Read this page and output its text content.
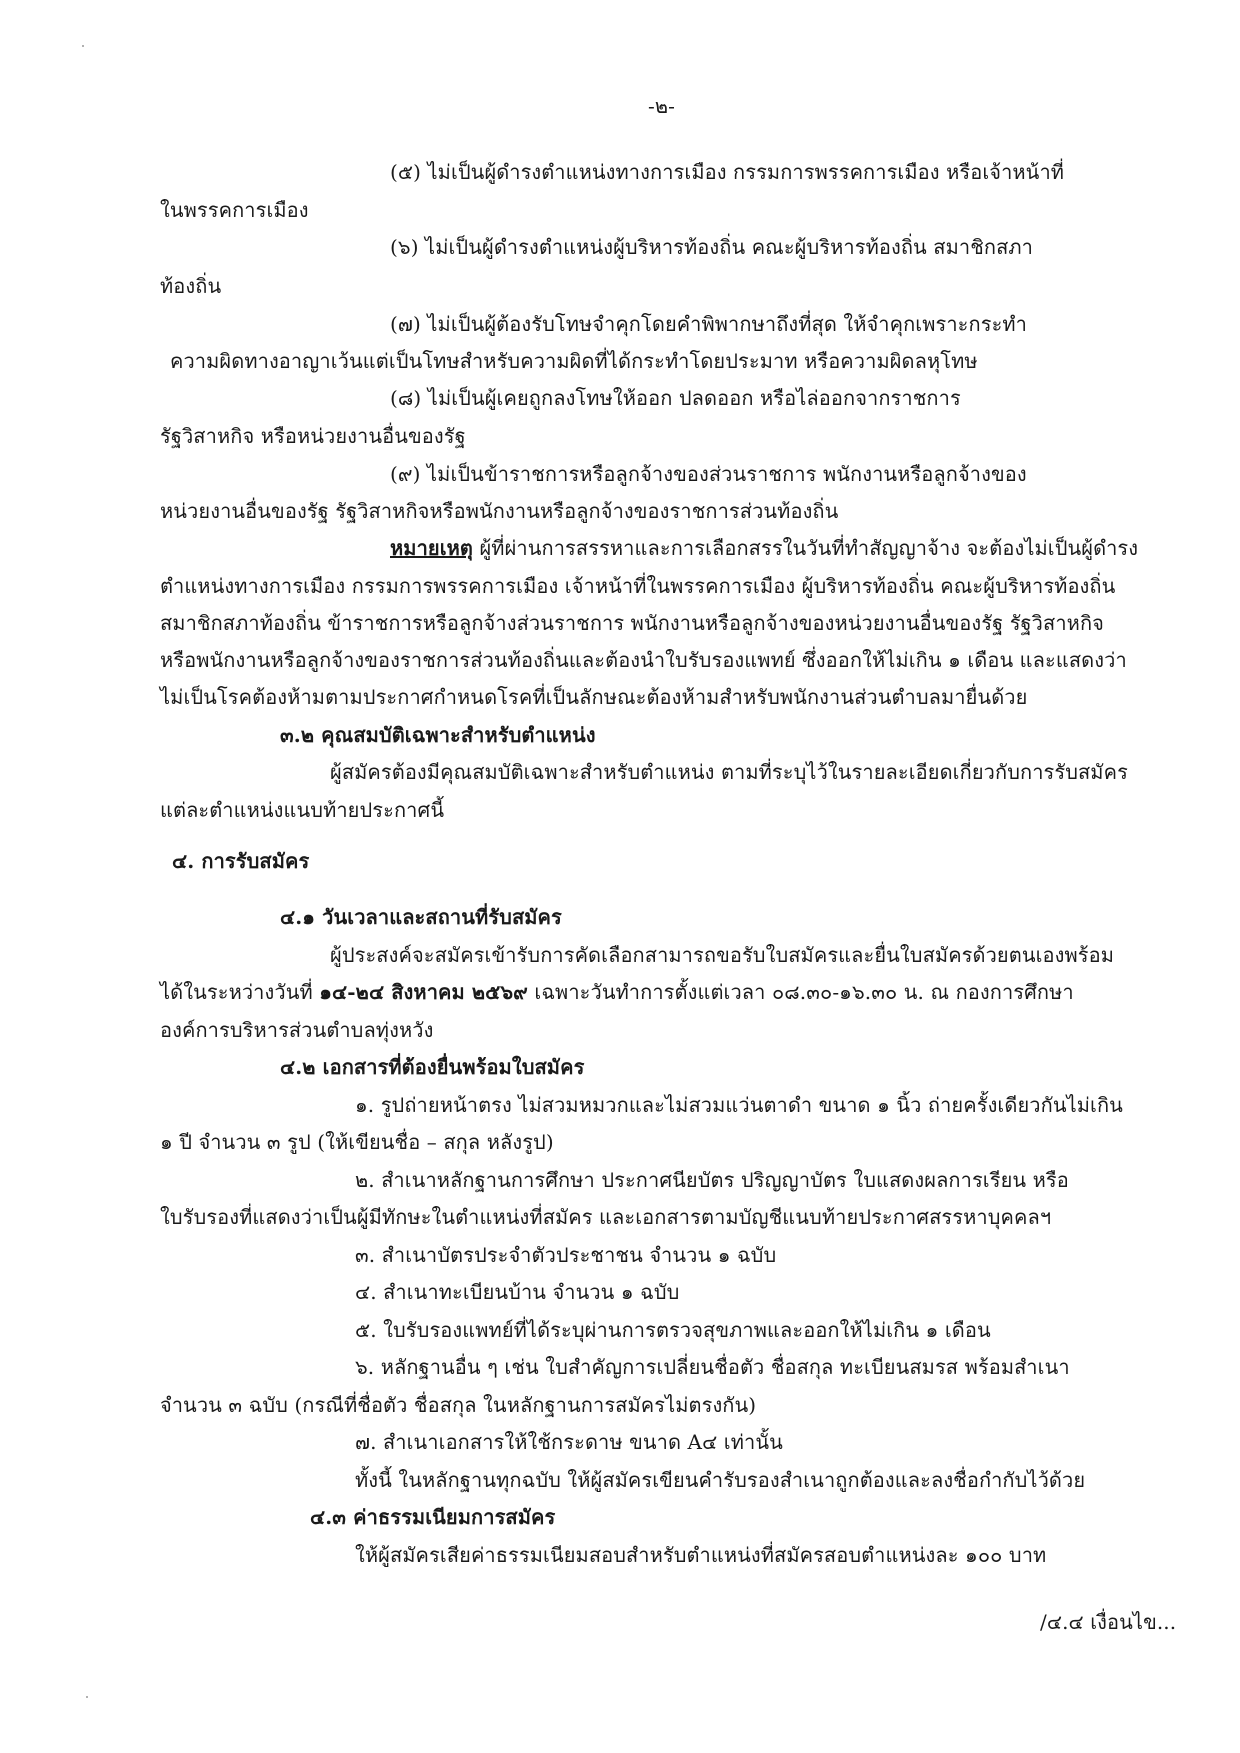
-๒-
(๕) ไม่เป็นผู้ดำรงตำแหน่งทางการเมือง กรรมการพรรคการเมือง หรือเจ้าหน้าที่
ในพรรคการเมือง
(๖) ไม่เป็นผู้ดำรงตำแหน่งผู้บริหารท้องถิ่น คณะผู้บริหารท้องถิ่น สมาชิกสภา
ท้องถิ่น
(๗) ไม่เป็นผู้ต้องรับโทษจำคุกโดยคำพิพากษาถึงที่สุด ให้จำคุกเพราะกระทำ
ความผิดทางอาญาเว้นแต่เป็นโทษสำหรับความผิดที่ได้กระทำโดยประมาท หรือความผิดลหุโทษ
(๘) ไม่เป็นผู้เคยถูกลงโทษให้ออก ปลดออก หรือไล่ออกจากราชการ
รัฐวิสาหกิจ หรือหน่วยงานอื่นของรัฐ
(๙) ไม่เป็นข้าราชการหรือลูกจ้างของส่วนราชการ พนักงานหรือลูกจ้างของ
หน่วยงานอื่นของรัฐ รัฐวิสาหกิจหรือพนักงานหรือลูกจ้างของราชการส่วนท้องถิ่น
หมายเหตุ ผู้ที่ผ่านการสรรหาและการเลือกสรรในวันที่ทำสัญญาจ้าง จะต้องไม่เป็นผู้ดำรง
ตำแหน่งทางการเมือง กรรมการพรรคการเมือง เจ้าหน้าที่ในพรรคการเมือง ผู้บริหารท้องถิ่น คณะผู้บริหารท้องถิ่น
สมาชิกสภาท้องถิ่น ข้าราชการหรือลูกจ้างส่วนราชการ พนักงานหรือลูกจ้างของหน่วยงานอื่นของรัฐ รัฐวิสาหกิจ
หรือพนักงานหรือลูกจ้างของราชการส่วนท้องถิ่นและต้องนำใบรับรองแพทย์ ซึ่งออกให้ไม่เกิน ๑ เดือน และแสดงว่า
ไม่เป็นโรคต้องห้ามตามประกาศกำหนดโรคที่เป็นลักษณะต้องห้ามสำหรับพนักงานส่วนตำบลมายื่นด้วย
๓.๒ คุณสมบัติเฉพาะสำหรับตำแหน่ง
ผู้สมัครต้องมีคุณสมบัติเฉพาะสำหรับตำแหน่ง ตามที่ระบุไว้ในรายละเอียดเกี่ยวกับการรับสมัคร
แต่ละตำแหน่งแนบท้ายประกาศนี้
๔. การรับสมัคร
๔.๑ วันเวลาและสถานที่รับสมัคร
ผู้ประสงค์จะสมัครเข้ารับการคัดเลือกสามารถขอรับใบสมัครและยื่นใบสมัครด้วยตนเองพร้อม
ได้ในระหว่างวันที่ ๑๔-๒๔ สิงหาคม ๒๕๖๙ เฉพาะวันทำการตั้งแต่เวลา ๐๘.๓๐-๑๖.๓๐ น. ณ กองการศึกษา
องค์การบริหารส่วนตำบลทุ่งหวัง
๔.๒ เอกสารที่ต้องยื่นพร้อมใบสมัคร
๑. รูปถ่ายหน้าตรง ไม่สวมหมวกและไม่สวมแว่นตาดำ ขนาด ๑ นิ้ว ถ่ายครั้งเดียวกันไม่เกิน
๑ ปี จำนวน ๓ รูป (ให้เขียนชื่อ – สกุล หลังรูป)
๒. สำเนาหลักฐานการศึกษา ประกาศนียบัตร ปริญญาบัตร ใบแสดงผลการเรียน หรือ
ใบรับรองที่แสดงว่าเป็นผู้มีทักษะในตำแหน่งที่สมัคร และเอกสารตามบัญชีแนบท้ายประกาศสรรหาบุคคลฯ
๓. สำเนาบัตรประจำตัวประชาชน จำนวน ๑ ฉบับ
๔. สำเนาทะเบียนบ้าน จำนวน ๑ ฉบับ
๕. ใบรับรองแพทย์ที่ได้ระบุผ่านการตรวจสุขภาพและออกให้ไม่เกิน ๑ เดือน
๖. หลักฐานอื่น ๆ เช่น ใบสำคัญการเปลี่ยนชื่อตัว ชื่อสกุล ทะเบียนสมรส พร้อมสำเนา
จำนวน ๓ ฉบับ (กรณีที่ชื่อตัว ชื่อสกุล ในหลักฐานการสมัครไม่ตรงกัน)
๗. สำเนาเอกสารให้ใช้กระดาษ ขนาด A๔ เท่านั้น
ทั้งนี้ ในหลักฐานทุกฉบับ ให้ผู้สมัครเขียนคำรับรองสำเนาถูกต้องและลงชื่อกำกับไว้ด้วย
๔.๓ ค่าธรรมเนียมการสมัคร
ให้ผู้สมัครเสียค่าธรรมเนียมสอบสำหรับตำแหน่งที่สมัครสอบตำแหน่งละ ๑๐๐ บาท
/๔.๔ เงื่อนไข...
